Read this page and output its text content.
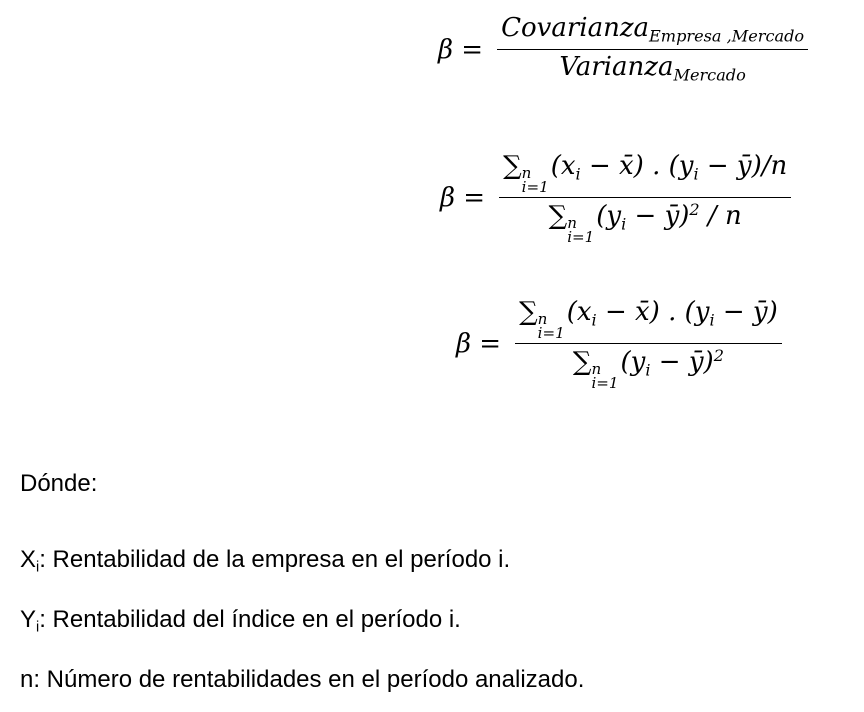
$\beta = \frac{Covarianza_{Empresa ,Mercado}}{Varianza_{Mercado}}$
β = ∑ n
i=1
($x_i$ − x̄) . ($y_i$ − ȳ)/n
∑ n
i=1
($y_i$ − ȳ)$^2$ / n
β = ∑ n
i=1
($x_i$ − x̄) . ($y_i$ − ȳ)
∑ n
i=1
($y_i$ − ȳ)$^2$
Dónde:
Xi: Rentabilidad de la empresa en el período i.
Yi: Rentabilidad del índice en el período i.
n: Número de rentabilidades en el período analizado.
